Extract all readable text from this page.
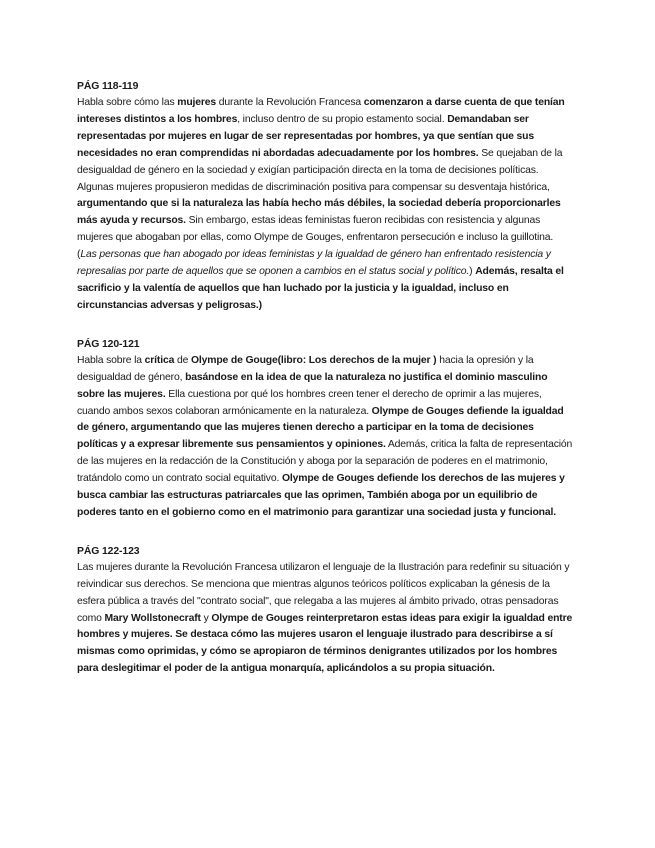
PÁG 118-119

Habla sobre cómo las mujeres durante la Revolución Francesa comenzaron a darse cuenta de que tenían intereses distintos a los hombres, incluso dentro de su propio estamento social. Demandaban ser representadas por mujeres en lugar de ser representadas por hombres, ya que sentían que sus necesidades no eran comprendidas ni abordadas adecuadamente por los hombres. Se quejaban de la desigualdad de género en la sociedad y exigían participación directa en la toma de decisiones políticas. Algunas mujeres propusieron medidas de discriminación positiva para compensar su desventaja histórica, argumentando que si la naturaleza las había hecho más débiles, la sociedad debería proporcionarles más ayuda y recursos. Sin embargo, estas ideas feministas fueron recibidas con resistencia y algunas mujeres que abogaban por ellas, como Olympe de Gouges, enfrentaron persecución e incluso la guillotina. (Las personas que han abogado por ideas feministas y la igualdad de género han enfrentado resistencia y represalias por parte de aquellos que se oponen a cambios en el status social y político.) Además, resalta el sacrificio y la valentía de aquellos que han luchado por la justicia y la igualdad, incluso en circunstancias adversas y peligrosas.)

PÁG 120-121

Habla sobre la crítica de Olympe de Gouge(libro: Los derechos de la mujer ) hacia la opresión y la desigualdad de género, basándose en la idea de que la naturaleza no justifica el dominio masculino sobre las mujeres. Ella cuestiona por qué los hombres creen tener el derecho de oprimir a las mujeres, cuando ambos sexos colaboran armónicamente en la naturaleza. Olympe de Gouges defiende la igualdad de género, argumentando que las mujeres tienen derecho a participar en la toma de decisiones políticas y a expresar libremente sus pensamientos y opiniones. Además, critica la falta de representación de las mujeres en la redacción de la Constitución y aboga por la separación de poderes en el matrimonio, tratándolo como un contrato social equitativo. Olympe de Gouges defiende los derechos de las mujeres y busca cambiar las estructuras patriarcales que las oprimen, También aboga por un equilibrio de poderes tanto en el gobierno como en el matrimonio para garantizar una sociedad justa y funcional.

PÁG 122-123

Las mujeres durante la Revolución Francesa utilizaron el lenguaje de la Ilustración para redefinir su situación y reivindicar sus derechos. Se menciona que mientras algunos teóricos políticos explicaban la génesis de la esfera pública a través del "contrato social", que relegaba a las mujeres al ámbito privado, otras pensadoras como Mary Wollstonecraft y Olympe de Gouges reinterpretaron estas ideas para exigir la igualdad entre hombres y mujeres. Se destaca cómo las mujeres usaron el lenguaje ilustrado para describirse a sí mismas como oprimidas, y cómo se apropiaron de términos denigrantes utilizados por los hombres para deslegitimar el poder de la antigua monarquía, aplicándolos a su propia situación.
